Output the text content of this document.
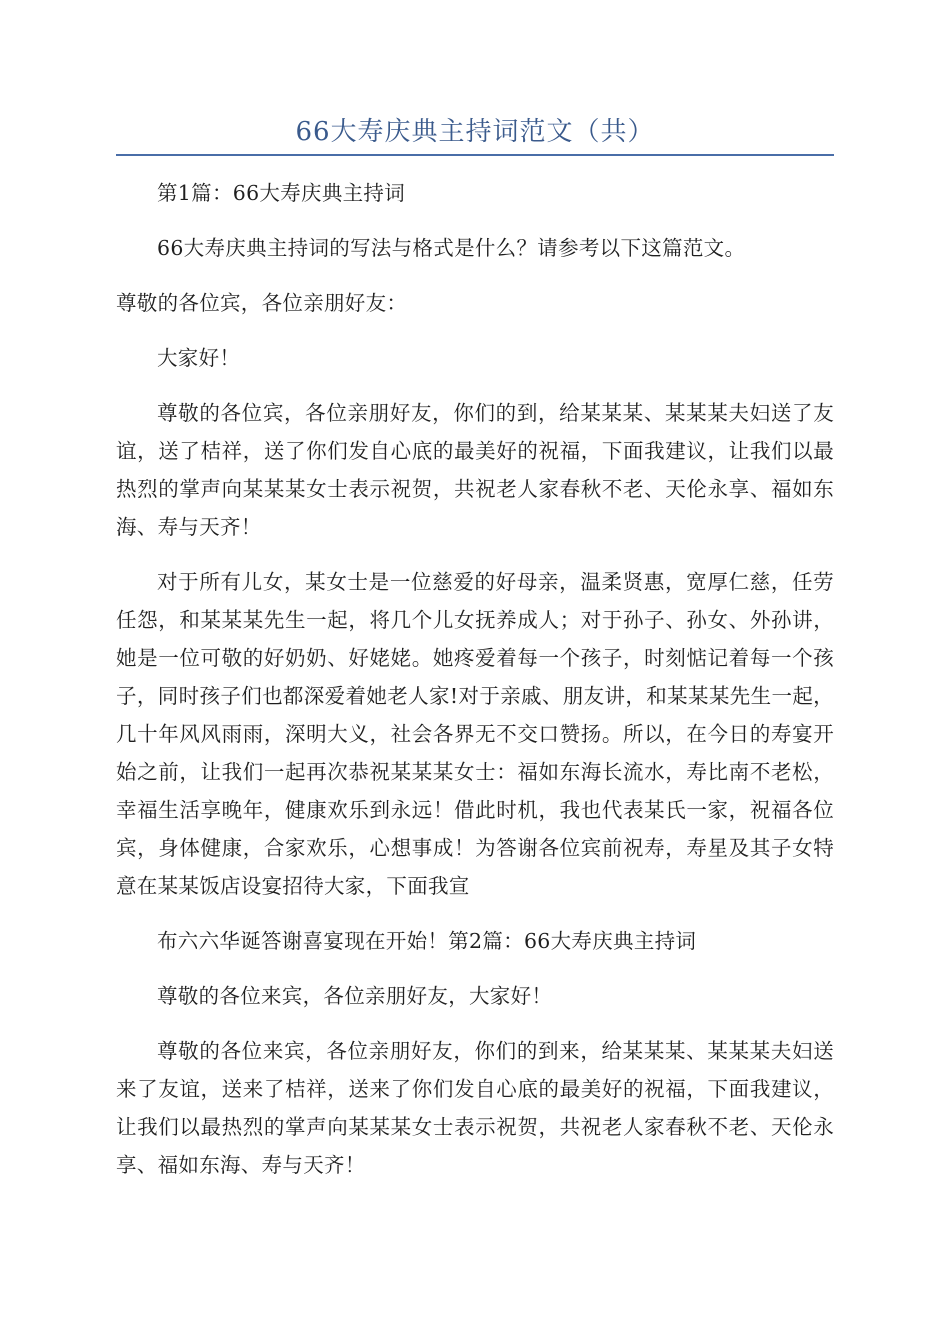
66大寿庆典主持词范文（共）

第1篇：66大寿庆典主持词

66大寿庆典主持词的写法与格式是什么？请参考以下这篇范文。

尊敬的各位宾，各位亲朋好友：

大家好！

尊敬的各位宾，各位亲朋好友，你们的到，给某某某、某某某夫妇送了友谊，送了桔祥，送了你们发自心底的最美好的祝福，下面我建议，让我们以最热烈的掌声向某某某女士表示祝贺，共祝老人家春秋不老、天伦永享、福如东海、寿与天齐！

对于所有儿女，某女士是一位慈爱的好母亲，温柔贤惠，宽厚仁慈，任劳任怨，和某某某先生一起，将几个儿女抚养成人；对于孙子、孙女、外孙讲，她是一位可敬的好奶奶、好姥姥。她疼爱着每一个孩子，时刻惦记着每一个孩子，同时孩子们也都深爱着她老人家!对于亲戚、朋友讲，和某某某先生一起，几十年风风雨雨，深明大义，社会各界无不交口赞扬。所以，在今日的寿宴开始之前，让我们一起再次恭祝某某某女士：福如东海长流水，寿比南不老松，幸福生活享晚年，健康欢乐到永远！借此时机，我也代表某氏一家，祝福各位宾，身体健康，合家欢乐，心想事成！为答谢各位宾前祝寿，寿星及其子女特意在某某饭店设宴招待大家，下面我宣

布六六华诞答谢喜宴现在开始！第2篇：66大寿庆典主持词

尊敬的各位来宾，各位亲朋好友，大家好！

尊敬的各位来宾，各位亲朋好友，你们的到来，给某某某、某某某夫妇送来了友谊，送来了桔祥，送来了你们发自心底的最美好的祝福，下面我建议，让我们以最热烈的掌声向某某某女士表示祝贺，共祝老人家春秋不老、天伦永享、福如东海、寿与天齐！
